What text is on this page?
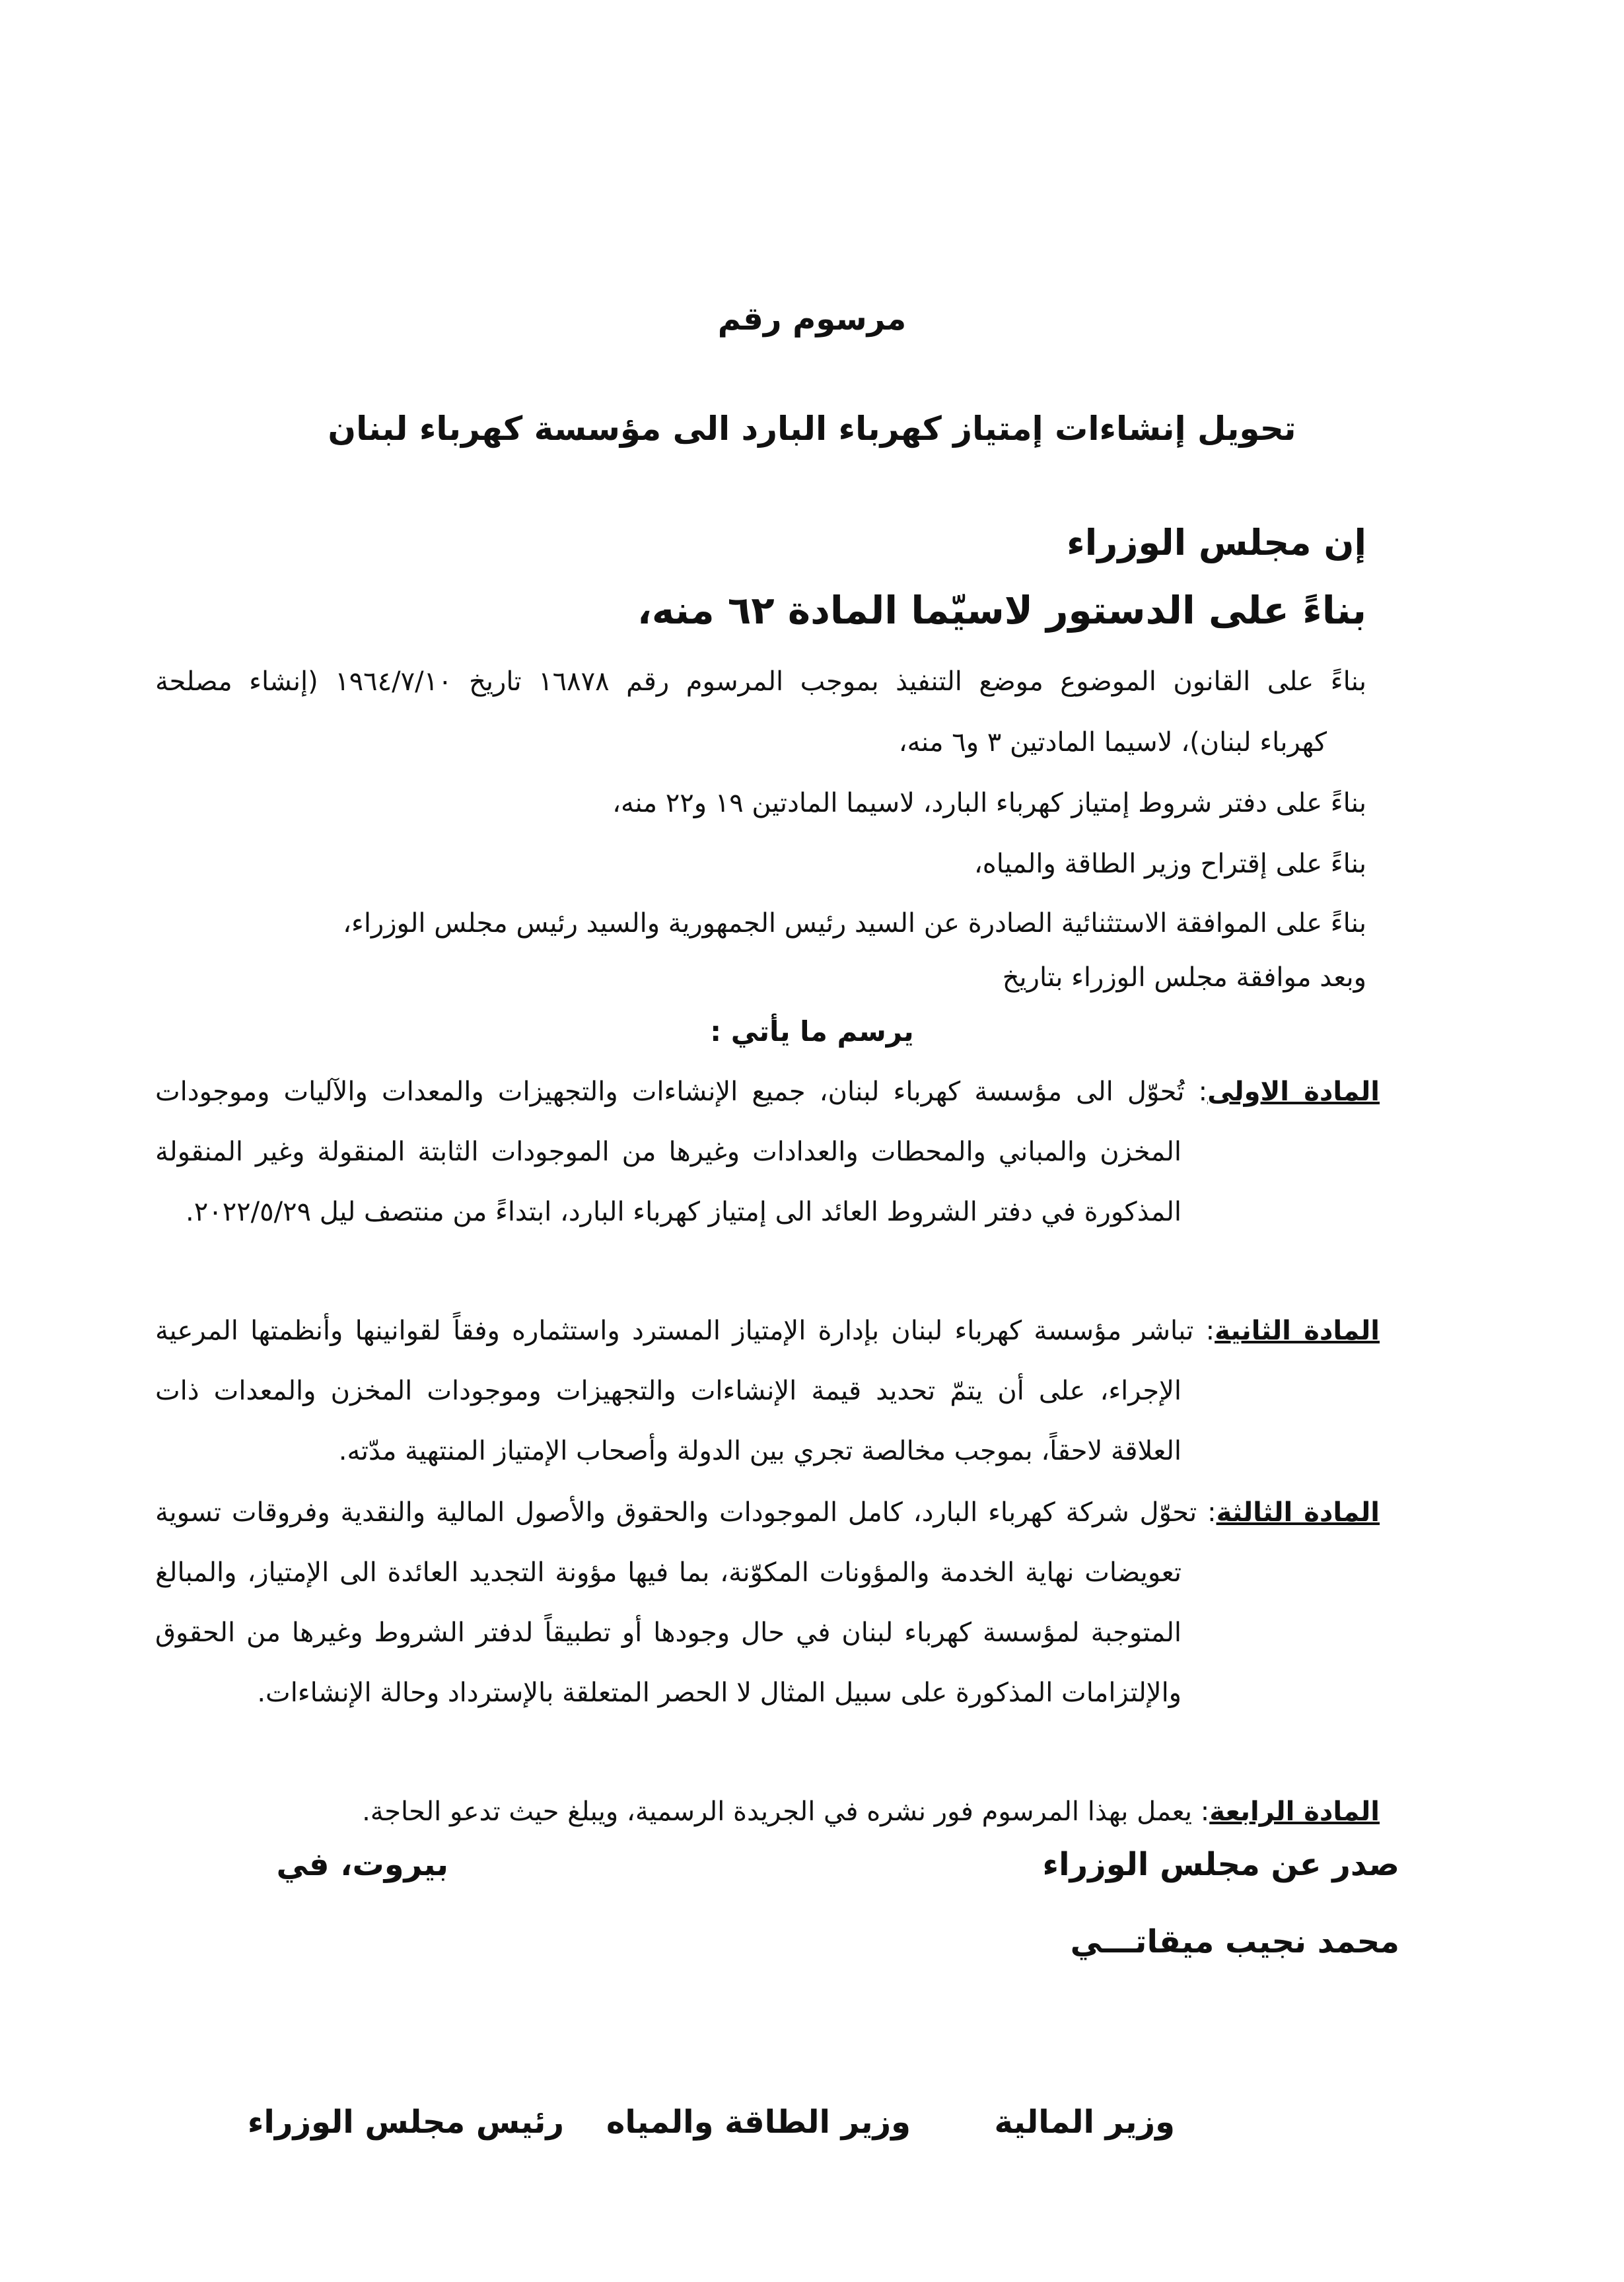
مرسوم رقم
تحويل إنشاءات إمتياز كهرباء البارد الى مؤسسة كهرباء لبنان
إن مجلس الوزراء
بناءً على الدستور لاسيّما المادة ٦٢ منه،
بناءً على القانون الموضوع موضع التنفيذ بموجب المرسوم رقم ١٦٨٧٨ تاريخ ١٩٦٤/٧/١٠ (إنشاء مصلحة
كهرباء لبنان)، لاسيما المادتين ٣ و٦ منه،
بناءً على دفتر شروط إمتياز كهرباء البارد، لاسيما المادتين ١٩ و٢٢ منه،
بناءً على إقتراح وزير الطاقة والمياه،
بناءً على الموافقة الاستثنائية الصادرة عن السيد رئيس الجمهورية والسيد رئيس مجلس الوزراء،
وبعد موافقة مجلس الوزراء بتاريخ
يرسم ما يأتي :
المادة الاولى: تُحوّل الى مؤسسة كهرباء لبنان، جميع الإنشاءات والتجهيزات والمعدات والآليات وموجودات
المخزن والمباني والمحطات والعدادات وغيرها من الموجودات الثابتة المنقولة وغير المنقولة المذكورة في دفتر الشروط العائد الى إمتياز كهرباء البارد، ابتداءً من منتصف ليل ٢٠٢٢/٥/٢٩.
المادة الثانية: تباشر مؤسسة كهرباء لبنان بإدارة الإمتياز المسترد واستثماره وفقاً لقوانينها وأنظمتها المرعية
الإجراء، على أن يتمّ تحديد قيمة الإنشاءات والتجهيزات وموجودات المخزن والمعدات ذات العلاقة لاحقاً، بموجب مخالصة تجري بين الدولة وأصحاب الإمتياز المنتهية مدّته.
المادة الثالثة: تحوّل شركة كهرباء البارد، كامل الموجودات والحقوق والأصول المالية والنقدية وفروقات تسوية
تعويضات نهاية الخدمة والمؤونات المكوّنة، بما فيها مؤونة التجديد العائدة الى الإمتياز، والمبالغ المتوجبة لمؤسسة كهرباء لبنان في حال وجودها أو تطبيقاً لدفتر الشروط وغيرها من الحقوق والإلتزامات المذكورة على سبيل المثال لا الحصر المتعلقة بالإسترداد وحالة الإنشاءات.
المادة الرابعة: يعمل بهذا المرسوم فور نشره في الجريدة الرسمية، ويبلغ حيث تدعو الحاجة.
صدر عن مجلس الوزراء
بيروت، في
محمد نجيب ميقاتـــي
وزير المالية
وزير الطاقة والمياه
رئيس مجلس الوزراء
